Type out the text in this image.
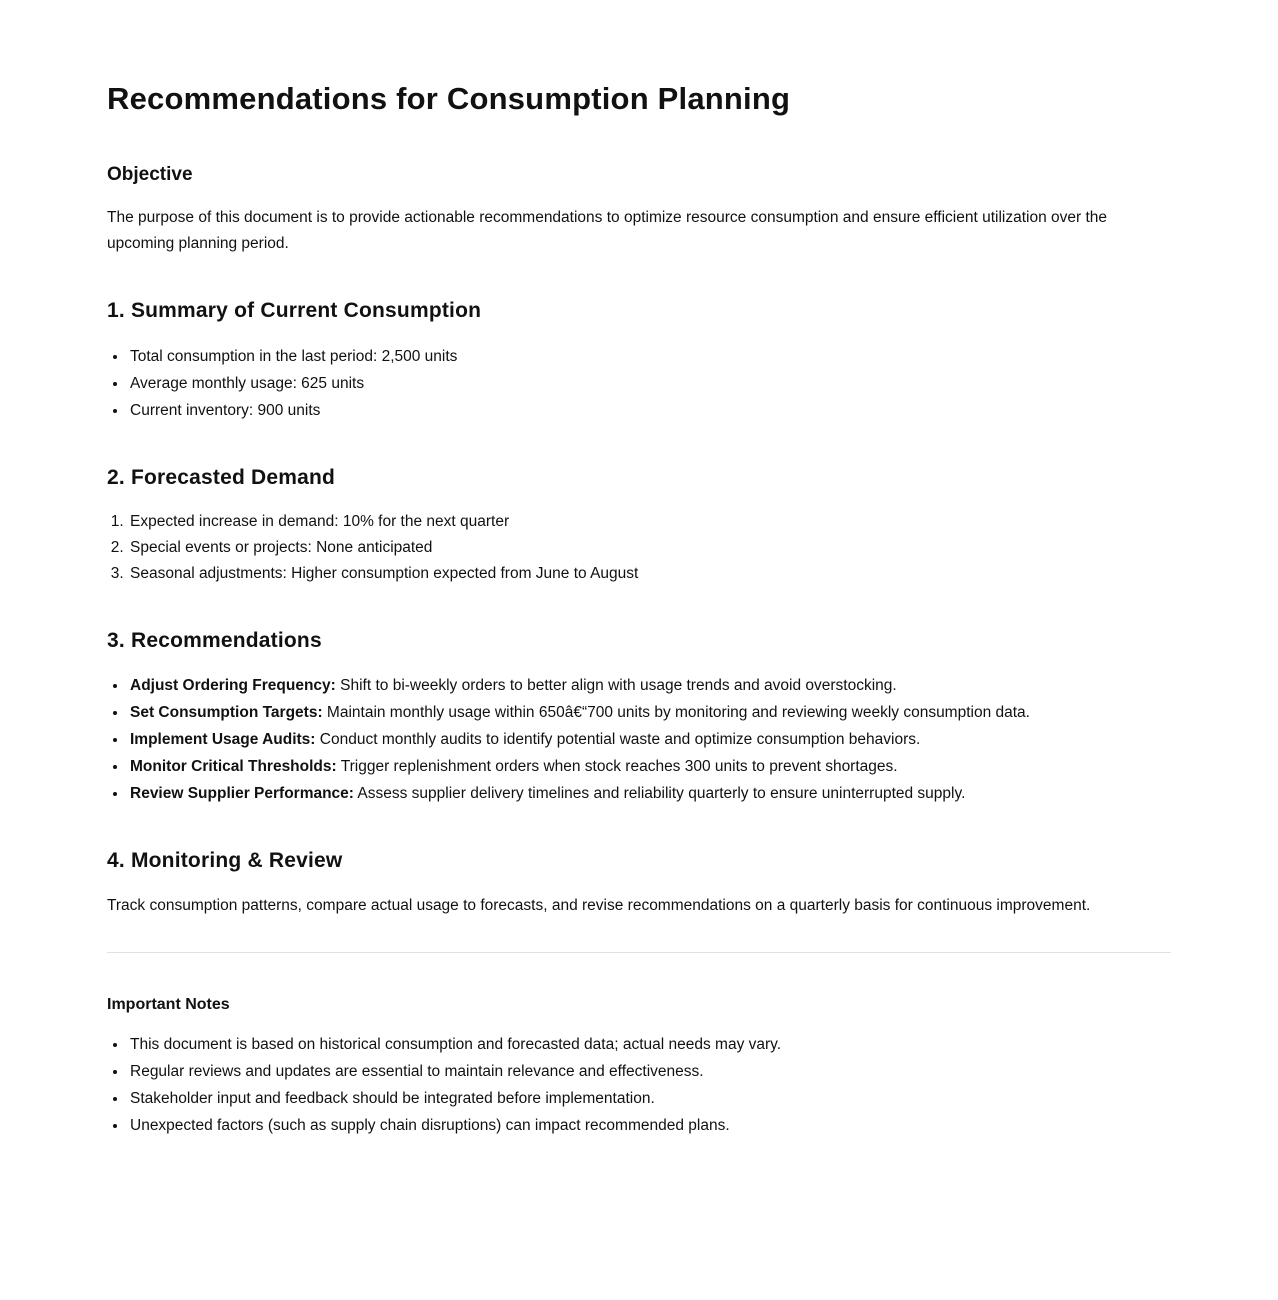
Recommendations for Consumption Planning
Objective

The purpose of this document is to provide actionable recommendations to optimize resource consumption and ensure efficient utilization over the upcoming planning period.

1. Summary of Current Consumption
• Total consumption in the last period: 2,500 units
• Average monthly usage: 625 units
• Current inventory: 900 units
2. Forecasted Demand
1. Expected increase in demand: 10% for the next quarter
2. Special events or projects: None anticipated
3. Seasonal adjustments: Higher consumption expected from June to August
3. Recommendations
• Adjust Ordering Frequency: Shift to bi-weekly orders to better align with usage trends and avoid overstocking.
• Set Consumption Targets: Maintain monthly usage within 650â€“700 units by monitoring and reviewing weekly consumption data.
• Implement Usage Audits: Conduct monthly audits to identify potential waste and optimize consumption behaviors.
• Monitor Critical Thresholds: Trigger replenishment orders when stock reaches 300 units to prevent shortages.
• Review Supplier Performance: Assess supplier delivery timelines and reliability quarterly to ensure uninterrupted supply.
4. Monitoring & Review

Track consumption patterns, compare actual usage to forecasts, and revise recommendations on a quarterly basis for continuous improvement.

Important Notes
• This document is based on historical consumption and forecasted data; actual needs may vary.
• Regular reviews and updates are essential to maintain relevance and effectiveness.
• Stakeholder input and feedback should be integrated before implementation.
• Unexpected factors (such as supply chain disruptions) can impact recommended plans.
